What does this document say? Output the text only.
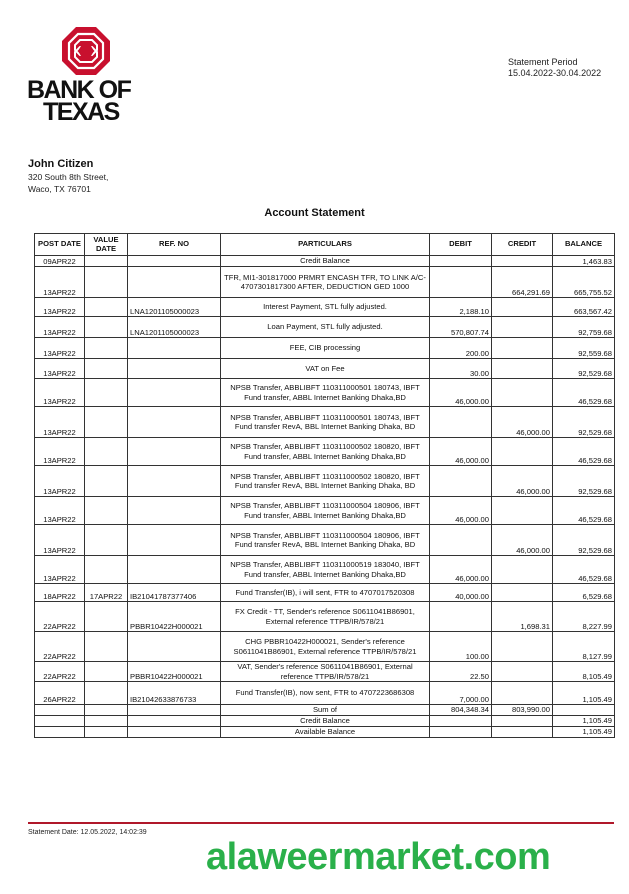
BANK OF
TEXAS
Statement Period
15.04.2022-30.04.2022
John Citizen
320 South 8th Street,
Waco, TX 76701
Account Statement
POST DATE	VALUE DATE	REF. NO	PARTICULARS	DEBIT	CREDIT	BALANCE
09APR22			Credit Balance			1,463.83
13APR22			TFR, MI1-301817000 PRMRT ENCASH TFR, TO LINK A/C-4707301817300 AFTER, DEDUCTION GED 1000		664,291.69	665,755.52
13APR22		LNA1201105000023	Interest Payment, STL fully adjusted.	2,188.10		663,567.42
13APR22		LNA1201105000023	Loan Payment, STL fully adjusted.	570,807.74		92,759.68
13APR22			FEE, CIB processing	200.00		92,559.68
13APR22			VAT on Fee	30.00		92,529.68
13APR22			NPSB Transfer, ABBLIBFT 110311000501 180743, IBFT Fund transfer, ABBL Internet Banking Dhaka,BD	46,000.00		46,529.68
13APR22			NPSB Transfer, ABBLIBFT 110311000501 180743, IBFT Fund transfer RevA, BBL Internet Banking Dhaka, BD		46,000.00	92,529.68
13APR22			NPSB Transfer, ABBLIBFT 110311000502 180820, IBFT Fund transfer, ABBL Internet Banking Dhaka,BD	46,000.00		46,529.68
13APR22			NPSB Transfer, ABBLIBFT 110311000502 180820, IBFT Fund transfer RevA, BBL Internet Banking Dhaka, BD		46,000.00	92,529.68
13APR22			NPSB Transfer, ABBLIBFT 110311000504 180906, IBFT Fund transfer, ABBL Internet Banking Dhaka,BD	46,000.00		46,529.68
13APR22			NPSB Transfer, ABBLIBFT 110311000504 180906, IBFT Fund transfer RevA, BBL Internet Banking Dhaka, BD		46,000.00	92,529.68
13APR22			NPSB Transfer, ABBLIBFT 110311000519 183040, IBFT Fund transfer, ABBL Internet Banking Dhaka,BD	46,000.00		46,529.68
18APR22	17APR22	IB21041787377406	Fund Transfer(IB), i will sent, FTR to 4707017520308	40,000.00		6,529.68
22APR22		PBBR10422H000021	FX Credit - TT, Sender's reference S0611041B86901, External reference TTPB/IR/578/21		1,698.31	8,227.99
22APR22			CHG PBBR10422H000021, Sender's reference S0611041B86901, External reference TTPB/IR/578/21	100.00		8,127.99
22APR22		PBBR10422H000021	VAT, Sender's reference S0611041B86901, External reference TTPB/IR/578/21	22.50		8,105.49
26APR22		IB21042633876733	Fund Transfer(IB), now sent, FTR to 4707223686308	7,000.00		1,105.49
			Sum of	804,348.34	803,990.00	
			Credit Balance			1,105.49
			Available Balance			1,105.49
Statement Date: 12.05.2022, 14:02:39
alaweermarket.com
